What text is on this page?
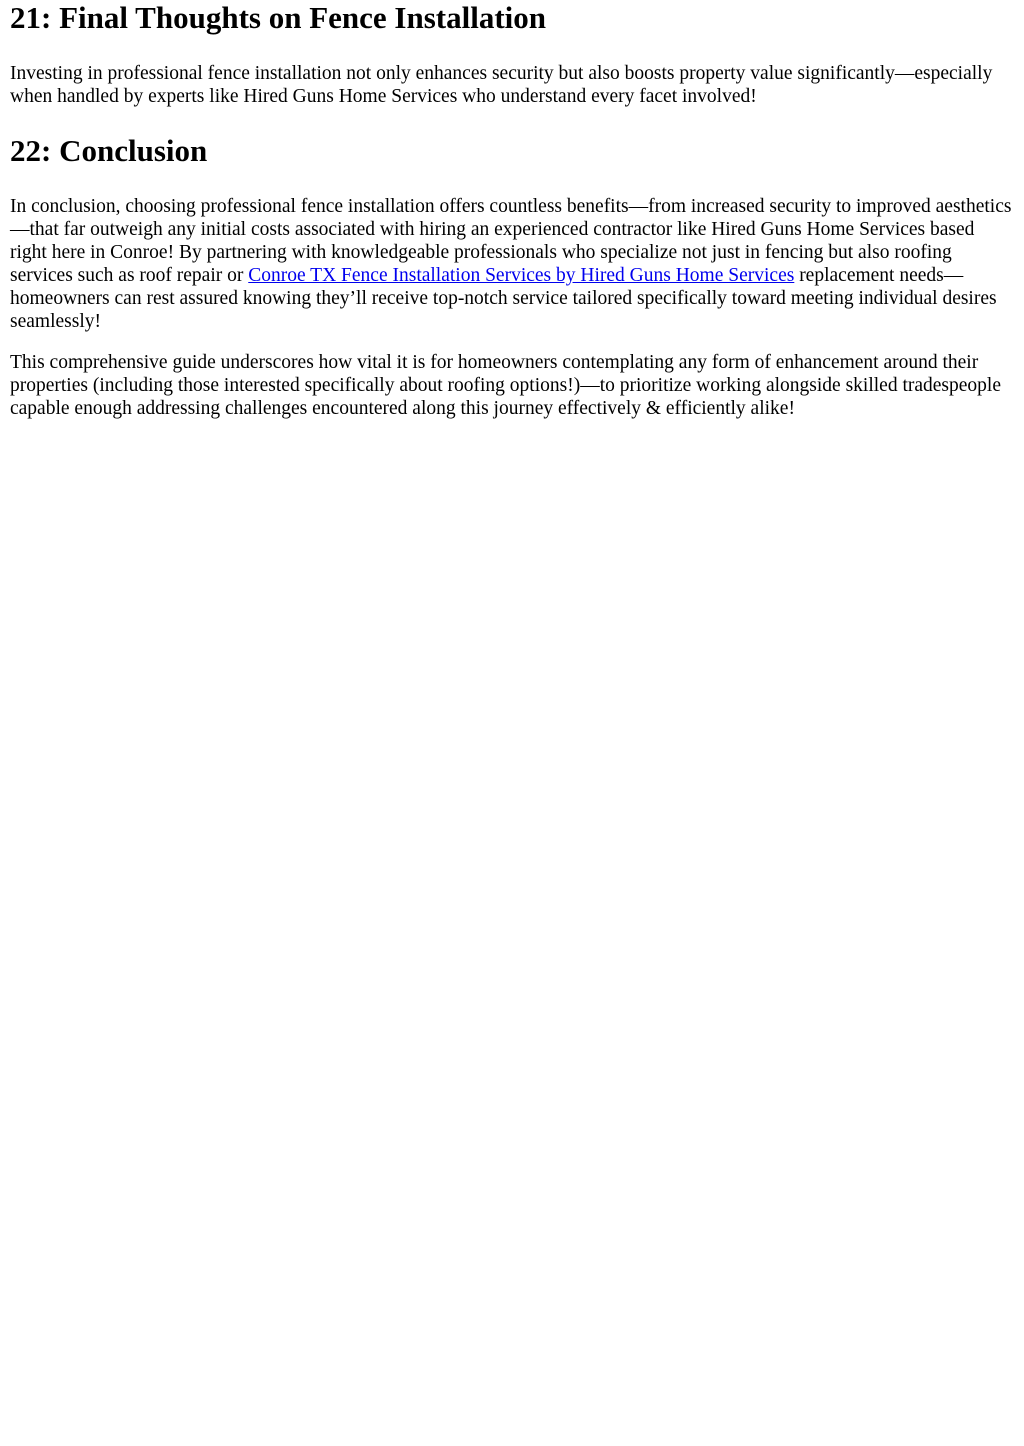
21: Final Thoughts on Fence Installation

Investing in professional fence installation not only enhances security but also boosts property value significantly—especially when handled by experts like Hired Guns Home Services who understand every facet involved!

22: Conclusion

In conclusion, choosing professional fence installation offers countless benefits—from increased security to improved aesthetics—that far outweigh any initial costs associated with hiring an experienced contractor like Hired Guns Home Services based right here in Conroe! By partnering with knowledgeable professionals who specialize not just in fencing but also roofing services such as roof repair or Conroe TX Fence Installation Services by Hired Guns Home Services replacement needs—homeowners can rest assured knowing they’ll receive top-notch service tailored specifically toward meeting individual desires seamlessly!

This comprehensive guide underscores how vital it is for homeowners contemplating any form of enhancement around their properties (including those interested specifically about roofing options!)—to prioritize working alongside skilled tradespeople capable enough addressing challenges encountered along this journey effectively & efficiently alike!
